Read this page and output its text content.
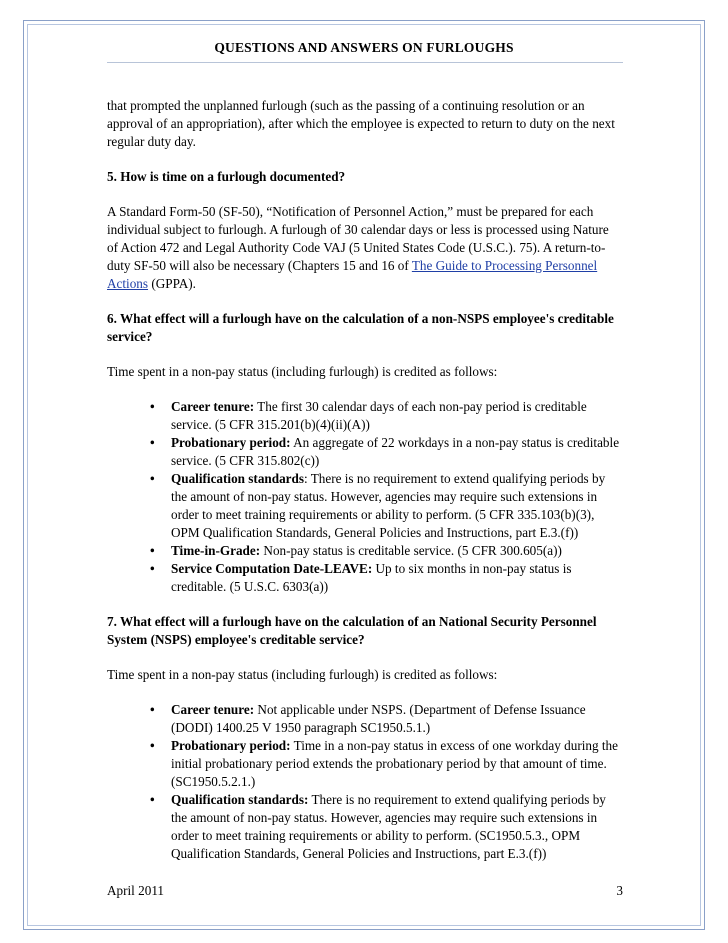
QUESTIONS AND ANSWERS ON FURLOUGHS

that prompted the unplanned furlough (such as the passing of a continuing resolution or an approval of an appropriation), after which the employee is expected to return to duty on the next regular duty day.

5. How is time on a furlough documented?

A Standard Form-50 (SF-50), “Notification of Personnel Action,” must be prepared for each individual subject to furlough. A furlough of 30 calendar days or less is processed using Nature of Action 472 and Legal Authority Code VAJ (5 United States Code (U.S.C.). 75). A return-to-duty SF-50 will also be necessary (Chapters 15 and 16 of The Guide to Processing Personnel Actions (GPPA).

6. What effect will a furlough have on the calculation of a non-NSPS employee's creditable service?

Time spent in a non-pay status (including furlough) is credited as follows:

• Career tenure: The first 30 calendar days of each non-pay period is creditable service. (5 CFR 315.201(b)(4)(ii)(A))
• Probationary period: An aggregate of 22 workdays in a non-pay status is creditable service. (5 CFR 315.802(c))
• Qualification standards: There is no requirement to extend qualifying periods by the amount of non-pay status. However, agencies may require such extensions in order to meet training requirements or ability to perform. (5 CFR 335.103(b)(3), OPM Qualification Standards, General Policies and Instructions, part E.3.(f))
• Time-in-Grade: Non-pay status is creditable service. (5 CFR 300.605(a))
• Service Computation Date-LEAVE: Up to six months in non-pay status is creditable. (5 U.S.C. 6303(a))

7. What effect will a furlough have on the calculation of an National Security Personnel System (NSPS) employee's creditable service?

Time spent in a non-pay status (including furlough) is credited as follows:

• Career tenure: Not applicable under NSPS. (Department of Defense Issuance (DODI) 1400.25 V 1950 paragraph SC1950.5.1.)
• Probationary period: Time in a non-pay status in excess of one workday during the initial probationary period extends the probationary period by that amount of time. (SC1950.5.2.1.)
• Qualification standards: There is no requirement to extend qualifying periods by the amount of non-pay status. However, agencies may require such extensions in order to meet training requirements or ability to perform. (SC1950.5.3., OPM Qualification Standards, General Policies and Instructions, part E.3.(f))
April 2011	3
